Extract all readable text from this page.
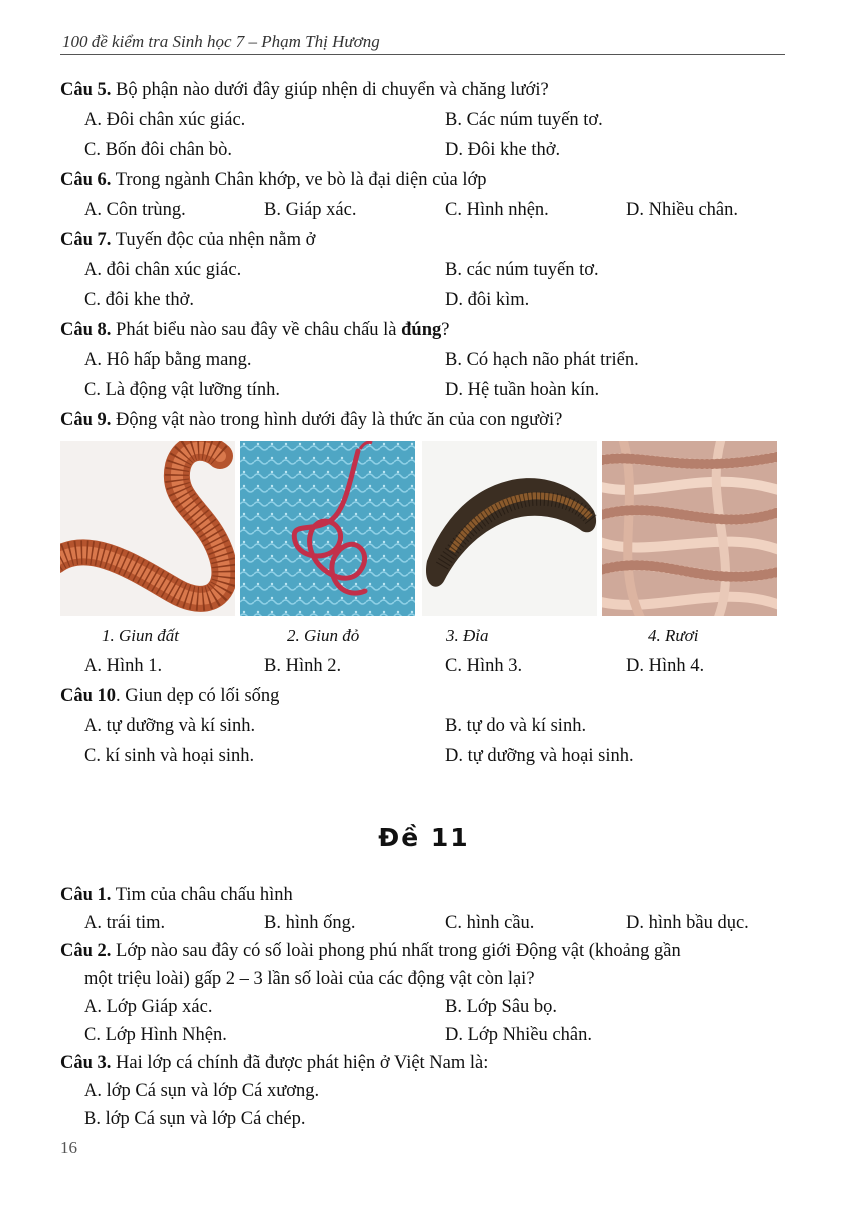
100 đề kiểm tra Sinh học 7 – Phạm Thị Hương
Câu 5. Bộ phận nào dưới đây giúp nhện di chuyển và chăng lưới?
A. Đôi chân xúc giác.	B. Các núm tuyến tơ.
C. Bốn đôi chân bò.	D. Đôi khe thở.
Câu 6. Trong ngành Chân khớp, ve bò là đại diện của lớp
A. Côn trùng.	B. Giáp xác.	C. Hình nhện.	D. Nhiều chân.
Câu 7. Tuyến độc của nhện nằm ở
A. đôi chân xúc giác.	B. các núm tuyến tơ.
C. đôi khe thở.	D. đôi kìm.
Câu 8. Phát biểu nào sau đây về châu chấu là đúng?
A. Hô hấp bằng mang.	B. Có hạch não phát triển.
C. Là động vật lưỡng tính.	D. Hệ tuần hoàn kín.
Câu 9. Động vật nào trong hình dưới đây là thức ăn của con người?
1. Giun đất	2. Giun đỏ	3. Đỉa	4. Rươi
A. Hình 1.	B. Hình 2.	C. Hình 3.	D. Hình 4.
Câu 10. Giun dẹp có lối sống
A. tự dưỡng và kí sinh.	B. tự do và kí sinh.
C. kí sinh và hoại sinh.	D. tự dưỡng và hoại sinh.
Đề 11
Câu 1. Tim của châu chấu hình
A. trái tim.	B. hình ống.	C. hình cầu.	D. hình bầu dục.
Câu 2. Lớp nào sau đây có số loài phong phú nhất trong giới Động vật (khoảng gần
một triệu loài) gấp 2 – 3 lần số loài của các động vật còn lại?
A. Lớp Giáp xác.	B. Lớp Sâu bọ.
C. Lớp Hình Nhện.	D. Lớp Nhiều chân.
Câu 3. Hai lớp cá chính đã được phát hiện ở Việt Nam là:
A. lớp Cá sụn và lớp Cá xương.
B. lớp Cá sụn và lớp Cá chép.
16
